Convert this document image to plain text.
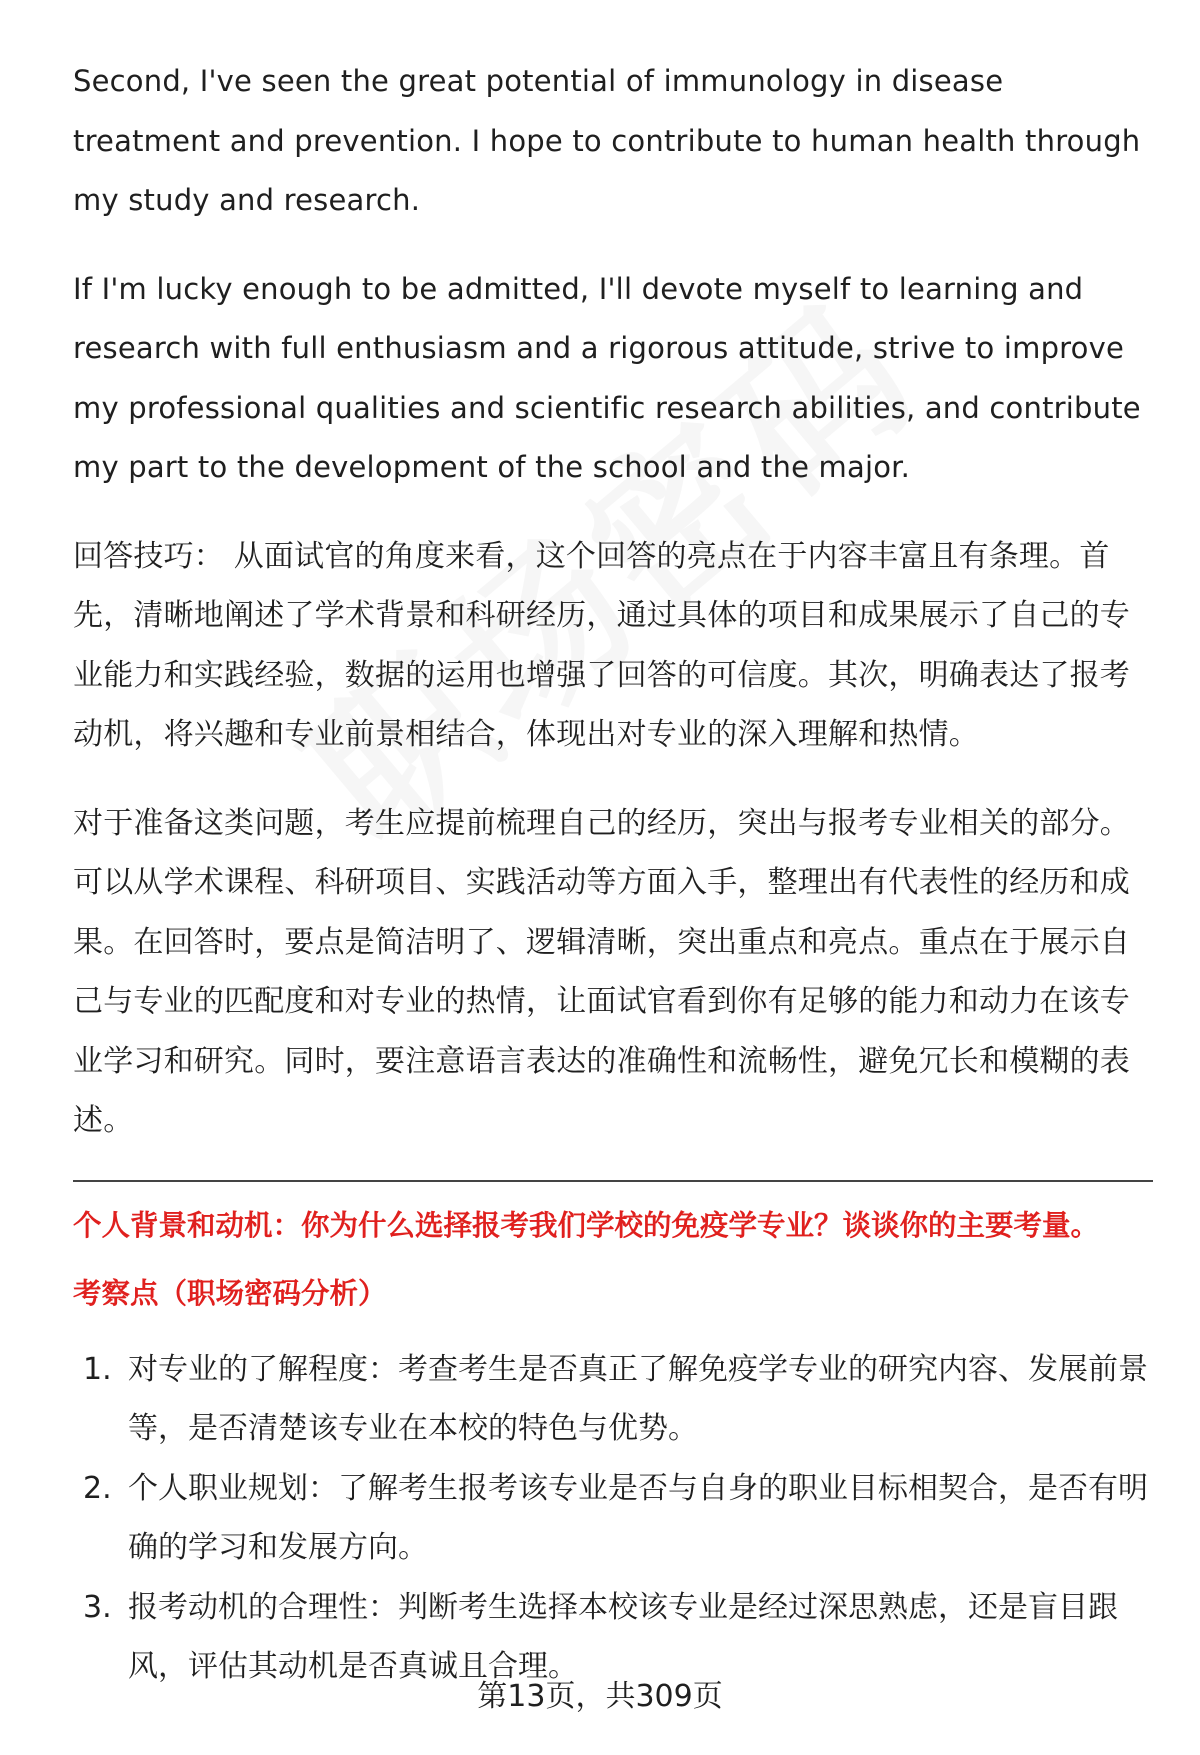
Second, I've seen the great potential of immunology in disease treatment and prevention. I hope to contribute to human health through my study and research.

If I'm lucky enough to be admitted, I'll devote myself to learning and research with full enthusiasm and a rigorous attitude, strive to improve my professional qualities and scientific research abilities, and contribute my part to the development of the school and the major.

回答技巧： 从面试官的角度来看，这个回答的亮点在于内容丰富且有条理。首先，清晰地阐述了学术背景和科研经历，通过具体的项目和成果展示了自己的专业能力和实践经验，数据的运用也增强了回答的可信度。其次，明确表达了报考动机，将兴趣和专业前景相结合，体现出对专业的深入理解和热情。

对于准备这类问题，考生应提前梳理自己的经历，突出与报考专业相关的部分。可以从学术课程、科研项目、实践活动等方面入手，整理出有代表性的经历和成果。在回答时，要点是简洁明了、逻辑清晰，突出重点和亮点。重点在于展示自己与专业的匹配度和对专业的热情，让面试官看到你有足够的能力和动力在该专业学习和研究。同时，要注意语言表达的准确性和流畅性，避免冗长和模糊的表述。

个人背景和动机：你为什么选择报考我们学校的免疫学专业？谈谈你的主要考量。

考察点（职场密码分析）

1. 对专业的了解程度：考查考生是否真正了解免疫学专业的研究内容、发展前景等，是否清楚该专业在本校的特色与优势。
2. 个人职业规划：了解考生报考该专业是否与自身的职业目标相契合，是否有明确的学习和发展方向。
3. 报考动机的合理性：判断考生选择本校该专业是经过深思熟虑，还是盲目跟风，评估其动机是否真诚且合理。
第13页，共309页
